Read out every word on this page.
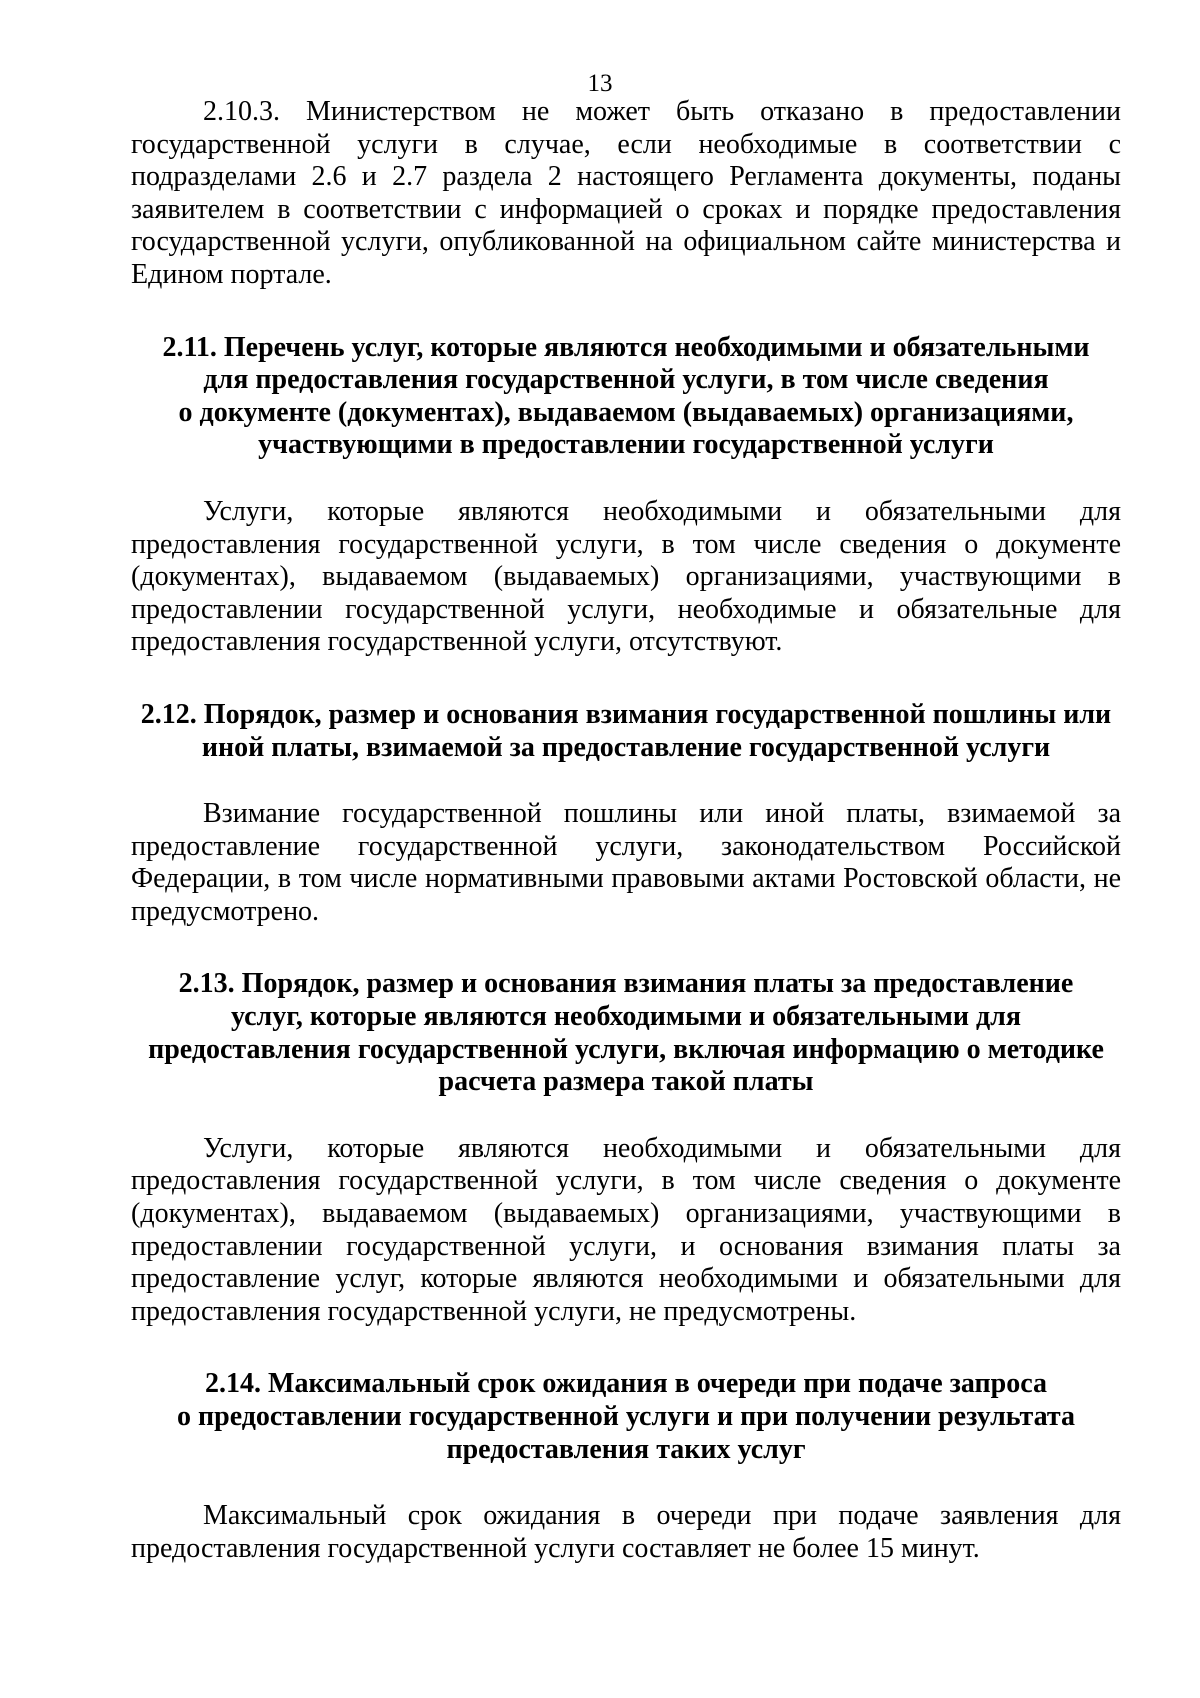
13

2.10.3. Министерством не может быть отказано в предоставлении государственной услуги в случае, если необходимые в соответствии с подразделами 2.6 и 2.7 раздела 2 настоящего Регламента документы, поданы заявителем в соответствии с информацией о сроках и порядке предоставления государственной услуги, опубликованной на официальном сайте министерства и Едином портале.

2.11. Перечень услуг, которые являются необходимыми и обязательными
для предоставления государственной услуги, в том числе сведения
о документе (документах), выдаваемом (выдаваемых) организациями,
участвующими в предоставлении государственной услуги

Услуги, которые являются необходимыми и обязательными для предоставления государственной услуги, в том числе сведения о документе (документах), выдаваемом (выдаваемых) организациями, участвующими в предоставлении государственной услуги, необходимые и обязательные для предоставления государственной услуги, отсутствуют.

2.12. Порядок, размер и основания взимания государственной пошлины или
иной платы, взимаемой за предоставление государственной услуги

Взимание государственной пошлины или иной платы, взимаемой за предоставление государственной услуги, законодательством Российской Федерации, в том числе нормативными правовыми актами Ростовской области, не предусмотрено.

2.13. Порядок, размер и основания взимания платы за предоставление
услуг, которые являются необходимыми и обязательными для
предоставления государственной услуги, включая информацию о методике
расчета размера такой платы

Услуги, которые являются необходимыми и обязательными для предоставления государственной услуги, в том числе сведения о документе (документах), выдаваемом (выдаваемых) организациями, участвующими в предоставлении государственной услуги, и основания взимания платы за предоставление услуг, которые являются необходимыми и обязательными для предоставления государственной услуги, не предусмотрены.

2.14. Максимальный срок ожидания в очереди при подаче запроса
о предоставлении государственной услуги и при получении результата
предоставления таких услуг

Максимальный срок ожидания в очереди при подаче заявления для предоставления государственной услуги составляет не более 15 минут.
